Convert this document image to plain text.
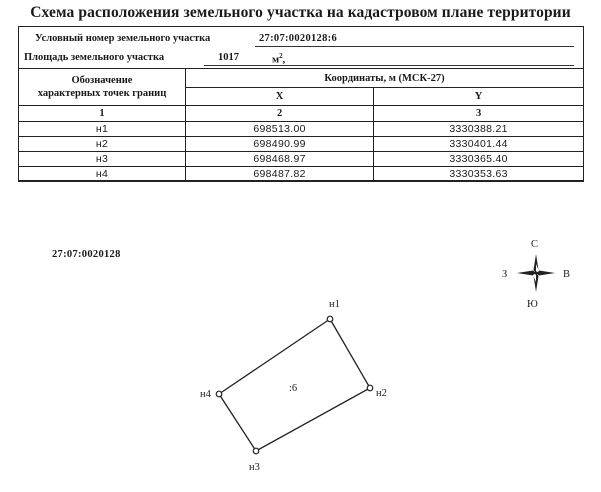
Схема расположения земельного участка на кадастровом плане территории
Условный номер земельного участка	27:07:0020128:6
Площадь земельного участка	1017	$м^2$,
Обозначение
характерных точек границ	Координаты, м (МСК-27)	
	X	Y
1	2	3
н1	698513.00	3330388.21
н2	698490.99	3330401.44
н3	698468.97	3330365.40
н4	698487.82	3330353.63
27:07:0020128
С
Ю
В
З
н1
н2
н3
н4
:6
